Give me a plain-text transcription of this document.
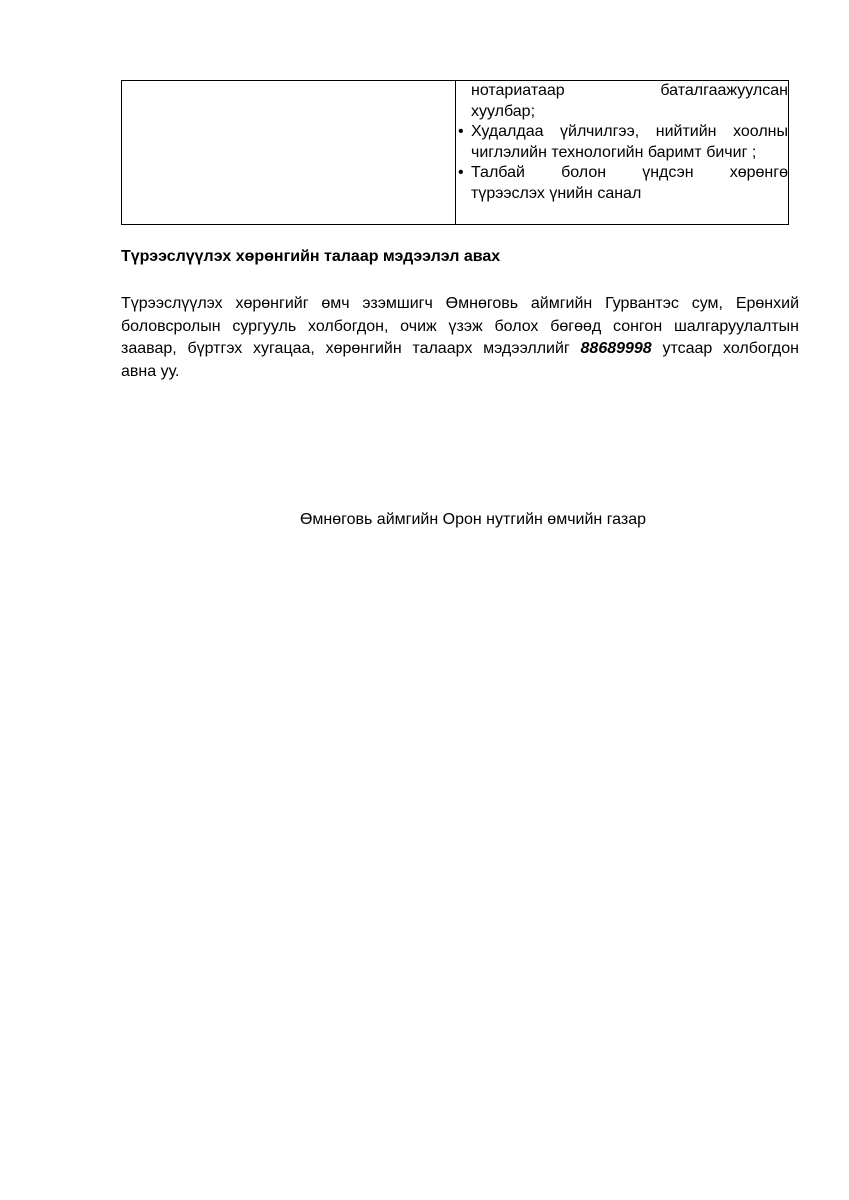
нотариатаар баталгаажуулсан
хуулбар;
• Худалдаа үйлчилгээ, нийтийн хоолны
чиглэлийн технологийн баримт бичиг ;
• Талбай болон үндсэн хөрөнгө
түрээслэх үнийн санал
Түрээслүүлэх хөрөнгийн талаар мэдээлэл авах

Түрээслүүлэх хөрөнгийг өмч эзэмшигч Өмнөговь аймгийн Гурвантэс сум, Ерөнхий
боловсролын сургууль холбогдон, очиж үзэж болох бөгөөд сонгон шалгаруулалтын
заавар, бүртгэх хугацаа, хөрөнгийн талаарх мэдээллийг 88689998 утсаар холбогдон
авна уу.

Өмнөговь аймгийн Орон нутгийн өмчийн газар
